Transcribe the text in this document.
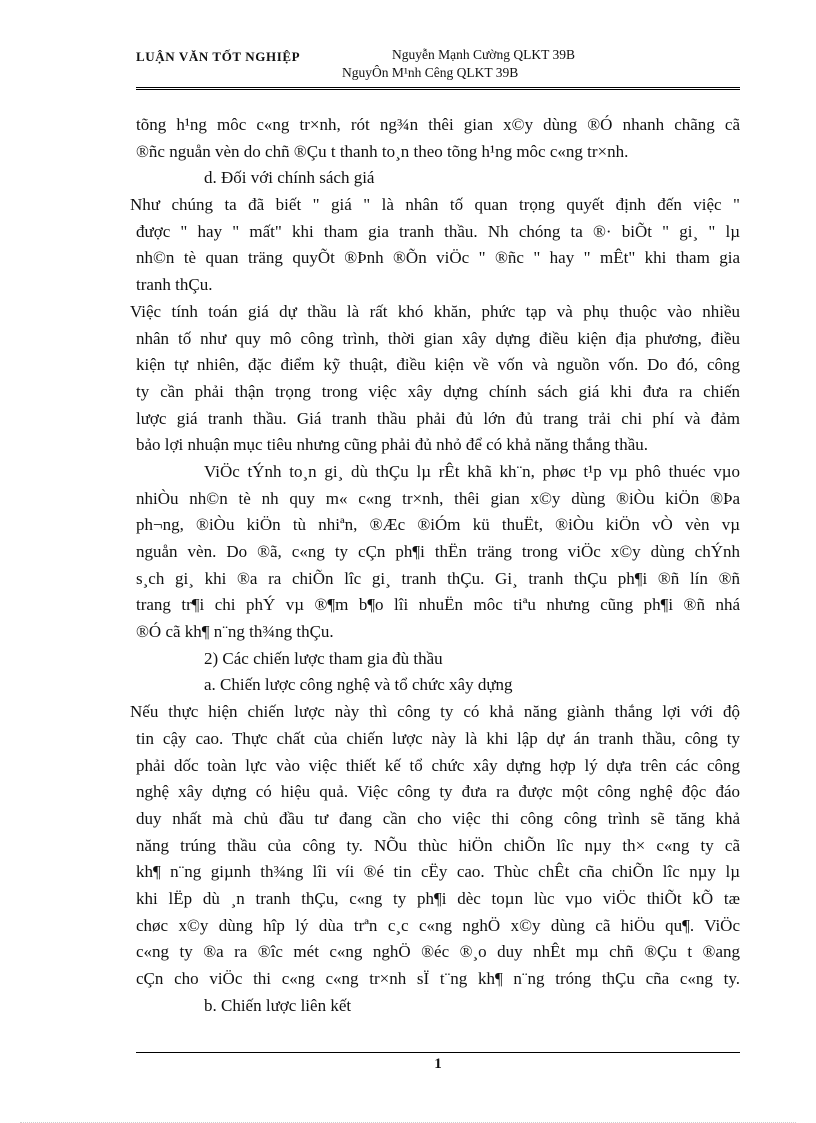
LUẬN VĂN TỐT NGHIỆP	Nguyễn Mạnh Cường QLKT 39B
NguyÔn M¹nh Cêng QLKT 39B
tõng h¹ng môc c«ng tr×nh, rót ng¾n thêi gian x©y dùng ®Ó nhanh chãng cã
®ñc nguån vèn do chñ ®Çu t thanh to¸n theo tõng h¹ng môc c«ng tr×nh.
d. Đối với chính sách giá
Như chúng ta đã biết " giá " là nhân tố quan trọng quyết định đến việc "
được " hay " mất" khi tham gia tranh thầu. Nh chóng ta ®· biÕt " gi¸ " lµ
nh©n tè quan träng quyÕt ®Þnh ®Õn viÖc " ®ñc " hay " mÊt" khi tham gia
tranh thÇu.
Việc tính toán giá dự thầu là rất khó khăn, phức tạp và phụ thuộc vào nhiều
nhân tố như quy mô công trình, thời gian xây dựng điều kiện địa phương, điều
kiện tự nhiên, đặc điểm kỹ thuật, điều kiện về vốn và nguồn vốn. Do đó, công
ty cần phải thận trọng trong việc xây dựng chính sách giá khi đưa ra chiến
lược giá tranh thầu. Giá tranh thầu phải đủ lớn đủ trang trải chi phí và đảm
bảo lợi nhuận mục tiêu nhưng cũng phải đủ nhỏ để có khả năng thắng thầu.
ViÖc tÝnh to¸n gi¸ dù thÇu lµ rÊt khã kh¨n, phøc t¹p vµ phô thuéc vµo
nhiÒu nh©n tè nh quy m« c«ng tr×nh, thêi gian x©y dùng ®iÒu kiÖn ®Þa
ph¬ng, ®iÒu kiÖn tù nhiªn, ®Æc ®iÓm kü thuËt, ®iÒu kiÖn vÒ vèn vµ
nguån vèn. Do ®ã, c«ng ty cÇn ph¶i thËn träng trong viÖc x©y dùng chÝnh
s¸ch gi¸ khi ®a ra chiÕn lîc gi¸ tranh thÇu. Gi¸ tranh thÇu ph¶i ®ñ lín ®ñ
trang tr¶i chi phÝ vµ ®¶m b¶o lîi nhuËn môc tiªu nhưng cũng ph¶i ®ñ nhá
®Ó cã kh¶ n¨ng th¾ng thÇu.
2) Các chiến lược tham gia đù thầu
a. Chiến lược công nghệ và tổ chức xây dựng
Nếu thực hiện chiến lược này thì công ty có khả năng giành thắng lợi với độ
tin cậy cao. Thực chất của chiến lược này là khi lập dự án tranh thầu, công ty
phải dốc toàn lực vào việc thiết kế tổ chức xây dựng hợp lý dựa trên các công
nghệ xây dựng có hiệu quả. Việc công ty đưa ra được một công nghệ độc đáo
duy nhất mà chủ đầu tư đang cần cho việc thi công công trình sẽ tăng khả
năng trúng thầu của công ty. NÕu thùc hiÖn chiÕn lîc nµy th× c«ng ty cã
kh¶ n¨ng giµnh th¾ng lîi víi ®é tin cËy cao. Thùc chÊt cña chiÕn lîc nµy lµ
khi lËp dù ¸n tranh thÇu, c«ng ty ph¶i dèc toµn lùc vµo viÖc thiÕt kÕ tæ
chøc x©y dùng hîp lý dùa trªn c¸c c«ng nghÖ x©y dùng cã hiÖu qu¶. ViÖc
c«ng ty ®a ra ®îc mét c«ng nghÖ ®éc ®¸o duy nhÊt mµ chñ ®Çu t ®ang
cÇn cho viÖc thi c«ng c«ng tr×nh sÏ t¨ng kh¶ n¨ng tróng thÇu cña c«ng ty.
b. Chiến lược liên kết
1
